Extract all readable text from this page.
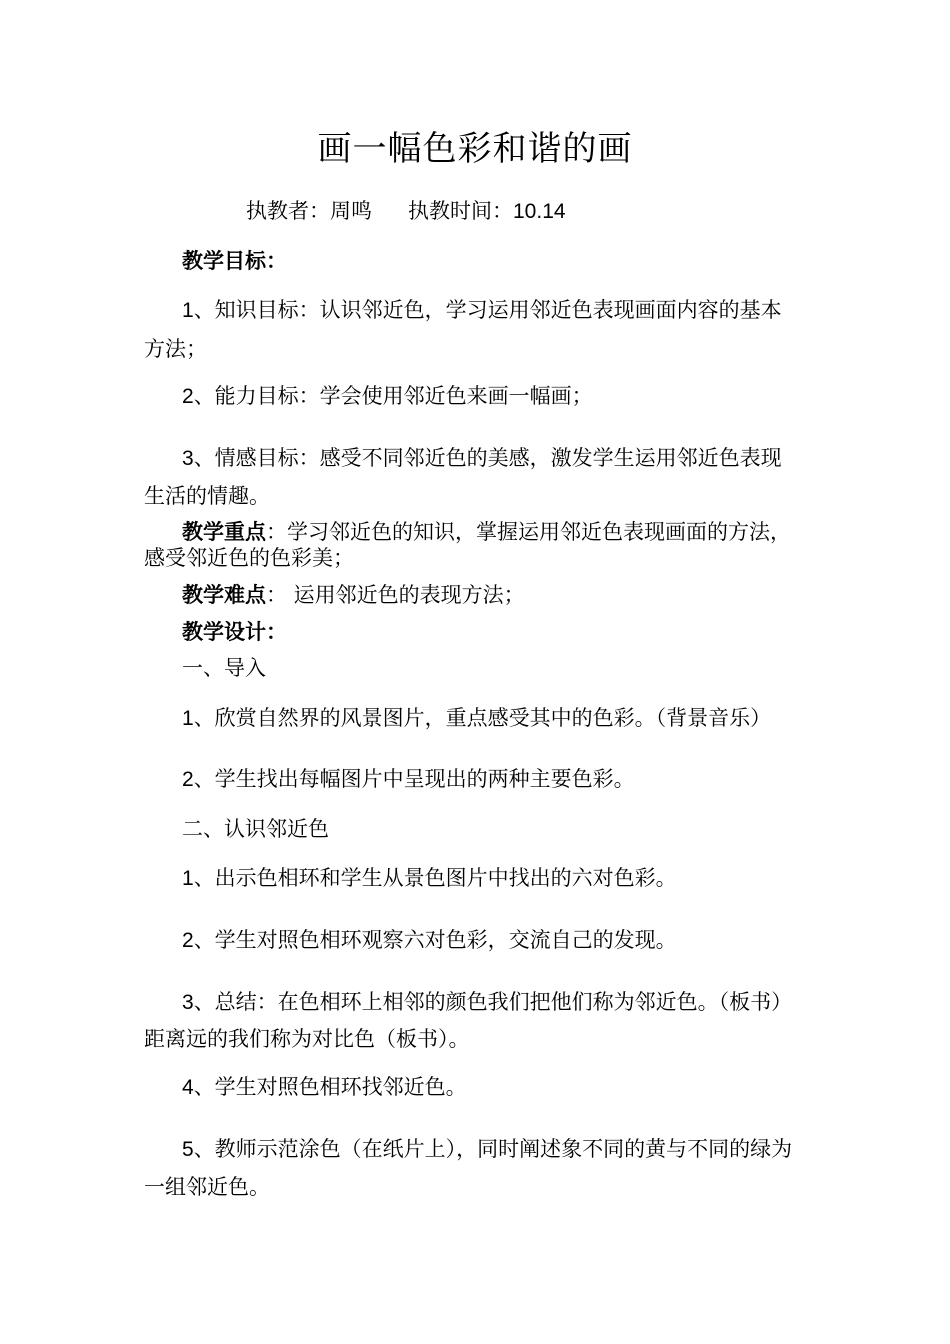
画一幅色彩和谐的画
执教者：周鸣 执教时间：10.14
教学目标：
1、知识目标：认识邻近色，学习运用邻近色表现画面内容的基本
方法；
2、能力目标：学会使用邻近色来画一幅画；
3、情感目标：感受不同邻近色的美感，激发学生运用邻近色表现
生活的情趣。
教学重点：学习邻近色的知识，掌握运用邻近色表现画面的方法，
感受邻近色的色彩美；
教学难点： 运用邻近色的表现方法；
教学设计：
一、导入
1、欣赏自然界的风景图片，重点感受其中的色彩。（背景音乐）
2、学生找出每幅图片中呈现出的两种主要色彩。
二、认识邻近色
1、出示色相环和学生从景色图片中找出的六对色彩。
2、学生对照色相环观察六对色彩，交流自己的发现。
3、总结：在色相环上相邻的颜色我们把他们称为邻近色。（板书）
距离远的我们称为对比色（板书）。
4、学生对照色相环找邻近色。
5、教师示范涂色（在纸片上），同时阐述象不同的黄与不同的绿为
一组邻近色。
